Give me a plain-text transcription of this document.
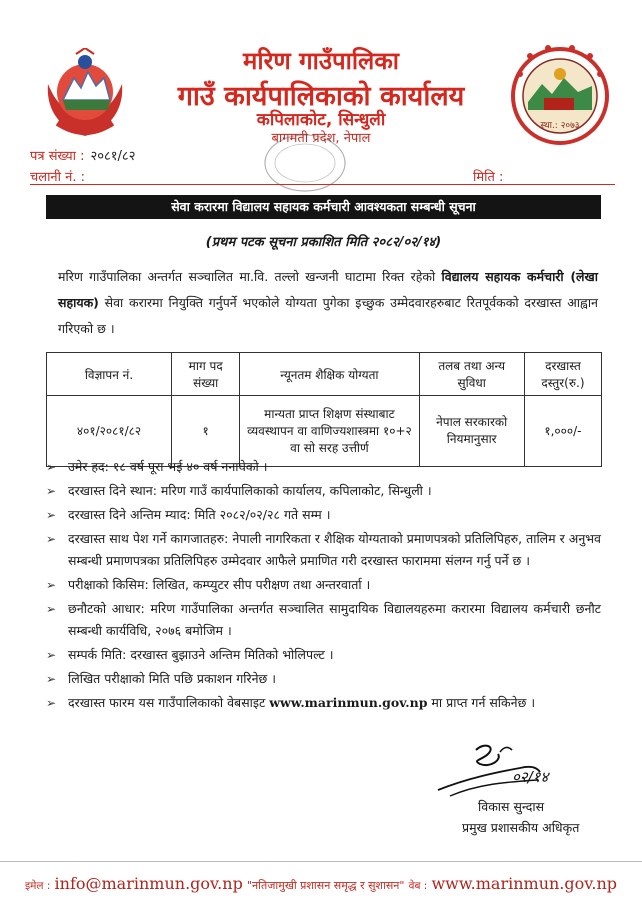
मरिण गाउँपालिका
गाउँ कार्यपालिकाको कार्यालय
कपिलाकोट, सिन्धुली
बागमती प्रदेश, नेपाल
स्था.: २०७३
पत्र संख्या : २०८१/८२
चलानी नं. :	मिति :
सेवा करारमा विद्यालय सहायक कर्मचारी आवश्यकता सम्बन्धी सूचना
(प्रथम पटक सूचना प्रकाशित मिति २०८२/०२/१४)
मरिण गाउँपालिका अन्तर्गत सञ्चालित मा.वि. तल्लो खन्जनी घाटामा रिक्त रहेको विद्यालय सहायक कर्मचारी (लेखा सहायक) सेवा करारमा नियुक्ति गर्नुपर्ने भएकोले योग्यता पुगेका इच्छुक उम्मेदवारहरुबाट रितपूर्वकको दरखास्त आह्वान गरिएको छ ।
विज्ञापन नं.	माग पद संख्या	न्यूनतम शैक्षिक योग्यता	तलब तथा अन्य सुविधा	दरखास्त दस्तुर(रु.)
४०१/२०८१/८२	१	मान्यता प्राप्त शिक्षण संस्थाबाट व्यवस्थापन वा वाणिज्यशास्त्रमा १०+२ वा सो सरह उत्तीर्ण	नेपाल सरकारको नियमानुसार	१,०००/-
➢ उमेर हद: १८ वर्ष पूरा भई ४० वर्ष ननाघेको ।
➢ दरखास्त दिने स्थान: मरिण गाउँ कार्यपालिकाको कार्यालय, कपिलाकोट, सिन्धुली ।
➢ दरखास्त दिने अन्तिम म्याद: मिति २०८२/०२/२८ गते सम्म ।
➢ दरखास्त साथ पेश गर्ने कागजातहरु: नेपाली नागरिकता र शैक्षिक योग्यताको प्रमाणपत्रको प्रतिलिपिहरु, तालिम र अनुभव सम्बन्धी प्रमाणपत्रका प्रतिलिपिहरु उम्मेदवार आफैले प्रमाणित गरी दरखास्त फाराममा संलग्न गर्नु पर्ने छ ।
➢ परीक्षाको किसिम: लिखित, कम्प्युटर सीप परीक्षण तथा अन्तरवार्ता ।
➢ छनौटको आधार: मरिण गाउँपालिका अन्तर्गत सञ्चालित सामुदायिक विद्यालयहरुमा करारमा विद्यालय कर्मचारी छनौट सम्बन्धी कार्यविधि, २०७६ बमोजिम ।
➢ सम्पर्क मिति: दरखास्त बुझाउने अन्तिम मितिको भोलिपल्ट ।
➢ लिखित परीक्षाको मिति पछि प्रकाशन गरिनेछ ।
➢ दरखास्त फारम यस गाउँपालिकाको वेबसाइट www.marinmun.gov.np मा प्राप्त गर्न सकिनेछ ।
०२/१४
विकास सुन्दास
प्रमुख प्रशासकीय अधिकृत
इमेल : info@marinmun.gov.np "नतिजामुखी प्रशासन समृद्ध र सुशासन" वेब : www.marinmun.gov.np
